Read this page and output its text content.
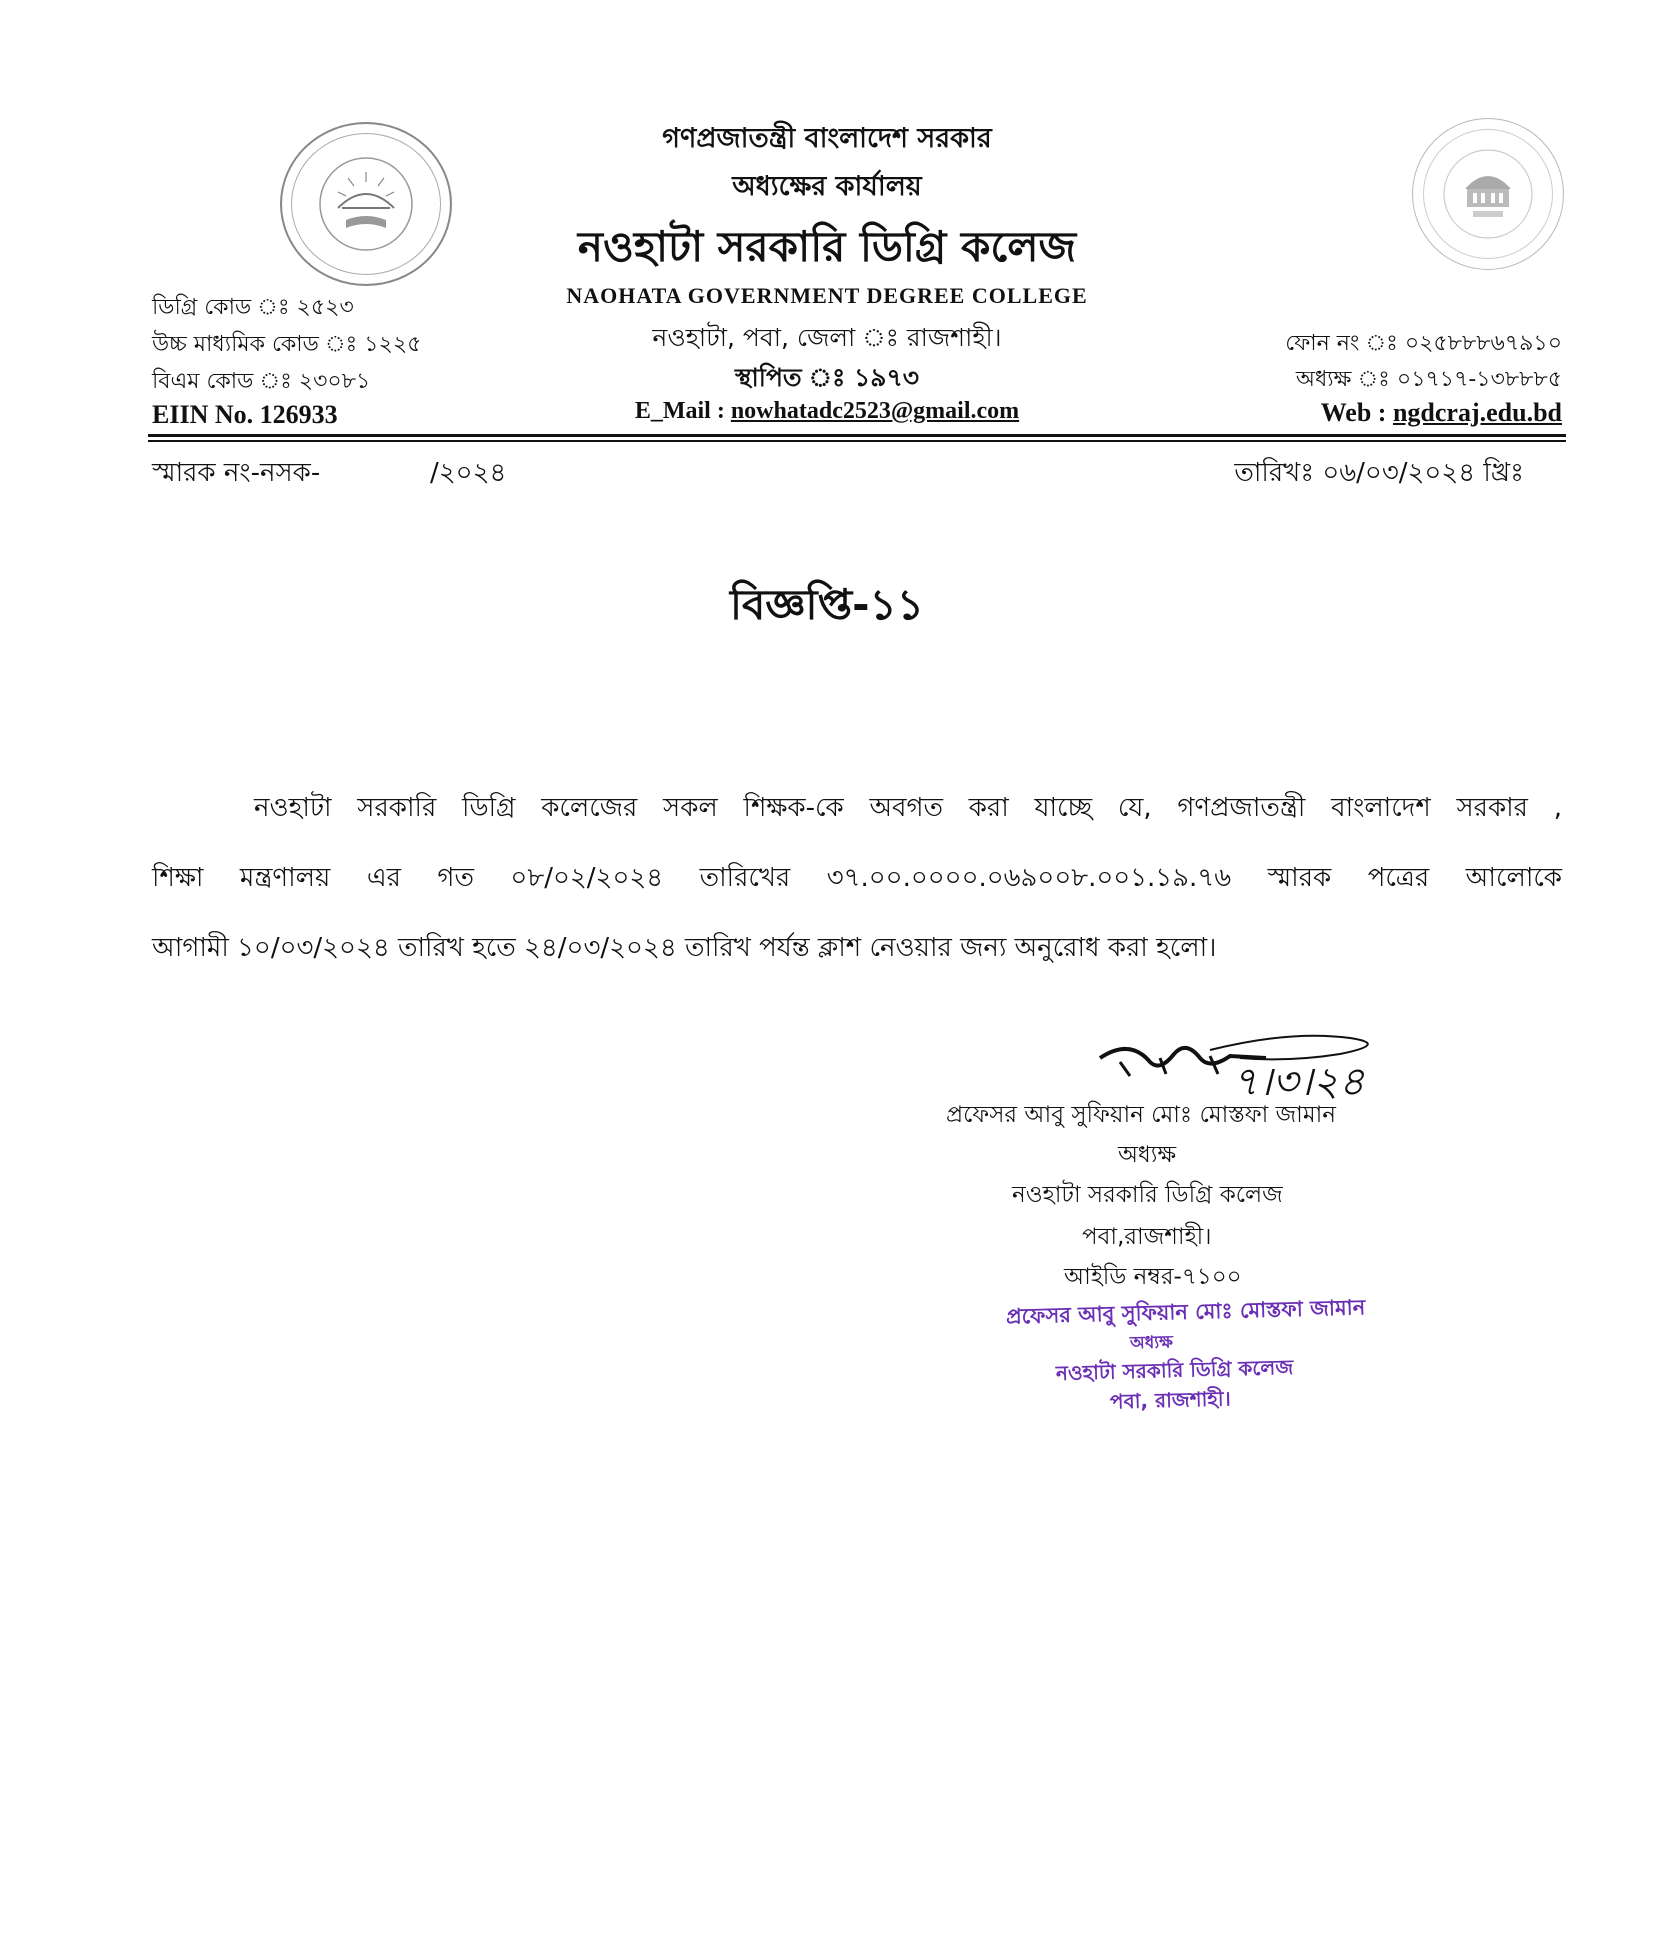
গণপ্রজাতন্ত্রী বাংলাদেশ সরকার
অধ্যক্ষের কার্যালয়
নওহাটা সরকারি ডিগ্রি কলেজ
NAOHATA GOVERNMENT DEGREE COLLEGE
নওহাটা, পবা, জেলা ঃ রাজশাহী।
স্থাপিত ঃ ১৯৭৩
E_Mail : nowhatadc2523@gmail.com
ডিগ্রি কোড ঃ ২৫২৩
উচ্চ মাধ্যমিক কোড ঃ ১২২৫
বিএম কোড ঃ ২৩০৮১
EIIN No. 126933
ফোন নং ঃ ০২৫৮৮৮৬৭৯১০
অধ্যক্ষ ঃ ০১৭১৭-১৩৮৮৮৫
Web : ngdcraj.edu.bd
স্মারক নং-নসক-	/২০২৪	তারিখঃ ০৬/০৩/২০২৪ খ্রিঃ
বিজ্ঞপ্তি-১১
নওহাটা সরকারি ডিগ্রি কলেজের সকল শিক্ষক-কে অবগত করা যাচ্ছে যে, গণপ্রজাতন্ত্রী বাংলাদেশ সরকার ,
শিক্ষা মন্ত্রণালয় এর গত ০৮/০২/২০২৪ তারিখের ৩৭.০০.০০০০.০৬৯০০৮.০০১.১৯.৭৬ স্মারক পত্রের আলোকে
আগামী ১০/০৩/২০২৪ তারিখ হতে ২৪/০৩/২০২৪ তারিখ পর্যন্ত ক্লাশ নেওয়ার জন্য অনুরোধ করা হলো।
৭।৩।২৪
প্রফেসর আবু সুফিয়ান মোঃ মোস্তফা জামান
অধ্যক্ষ
নওহাটা সরকারি ডিগ্রি কলেজ
পবা,রাজশাহী।
আইডি নম্বর-৭১০০
প্রফেসর আবু সুফিয়ান মোঃ মোস্তফা জামান
অধ্যক্ষ
নওহাটা সরকারি ডিগ্রি কলেজ
পবা, রাজশাহী।
